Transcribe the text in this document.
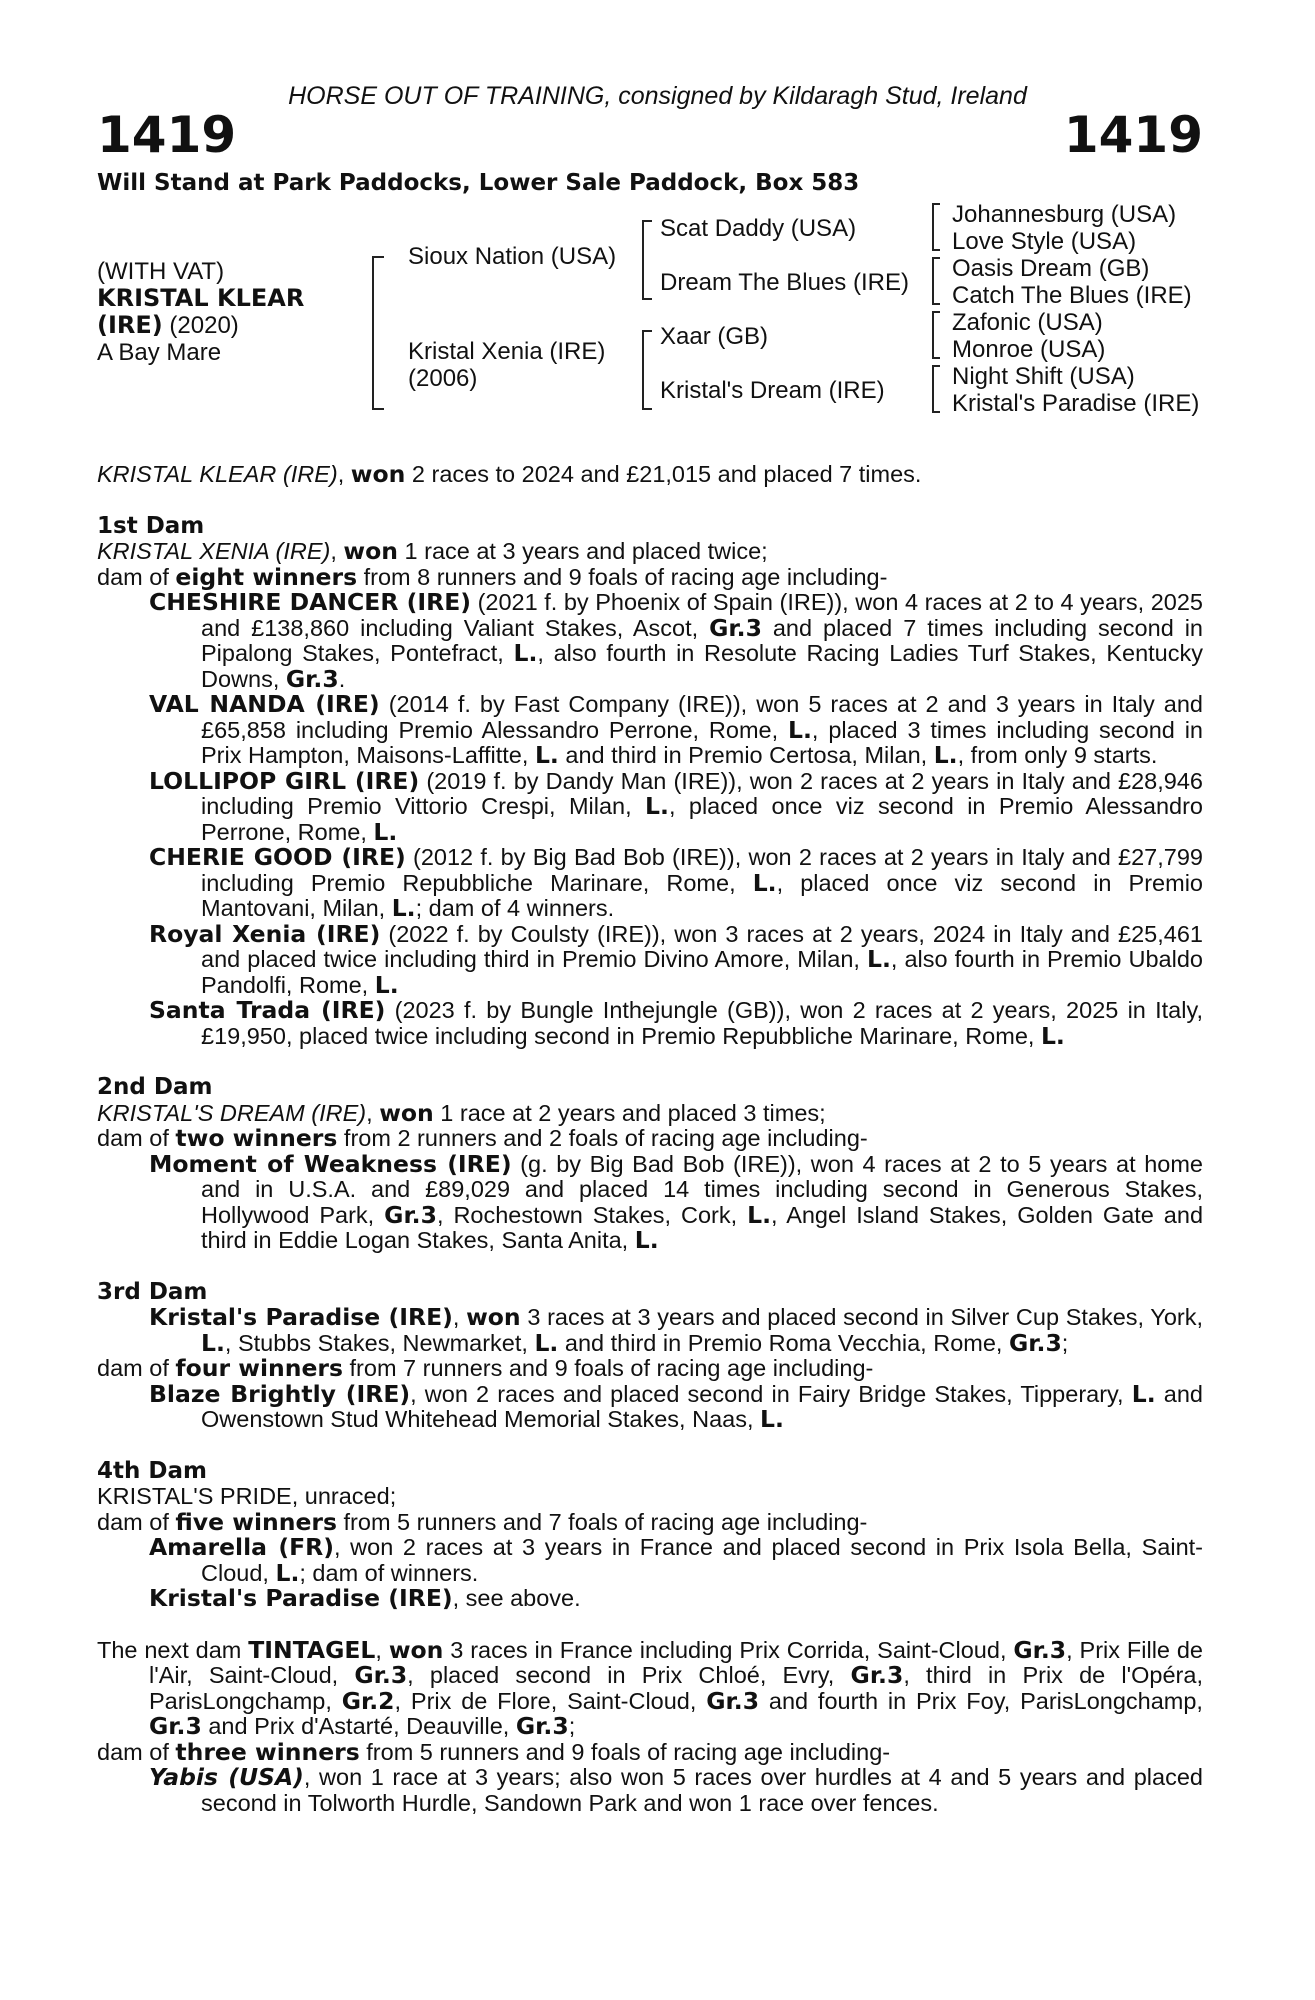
HORSE OUT OF TRAINING, consigned by Kildaragh Stud, Ireland
1419	1419
Will Stand at Park Paddocks, Lower Sale Paddock, Box 583
(WITH VAT)
KRISTAL KLEAR
(IRE) (2020)
A Bay Mare
Sioux Nation (USA)
Kristal Xenia (IRE)
(2006)
Scat Daddy (USA)
Dream The Blues (IRE)
Xaar (GB)
Kristal's Dream (IRE)
Johannesburg (USA)
Love Style (USA)
Oasis Dream (GB)
Catch The Blues (IRE)
Zafonic (USA)
Monroe (USA)
Night Shift (USA)
Kristal's Paradise (IRE)

KRISTAL KLEAR (IRE), won 2 races to 2024 and £21,015 and placed 7 times.

1st Dam

KRISTAL XENIA (IRE), won 1 race at 3 years and placed twice;

dam of eight winners from 8 runners and 9 foals of racing age including-

CHESHIRE DANCER (IRE) (2021 f. by Phoenix of Spain (IRE)), won 4 races at 2 to 4 years, 2025 and £138,860 including Valiant Stakes, Ascot, Gr.3 and placed 7 times including second in Pipalong Stakes, Pontefract, L., also fourth in Resolute Racing Ladies Turf Stakes, Kentucky Downs, Gr.3.

VAL NANDA (IRE) (2014 f. by Fast Company (IRE)), won 5 races at 2 and 3 years in Italy and £65,858 including Premio Alessandro Perrone, Rome, L., placed 3 times including second in Prix Hampton, Maisons-Laffitte, L. and third in Premio Certosa, Milan, L., from only 9 starts.

LOLLIPOP GIRL (IRE) (2019 f. by Dandy Man (IRE)), won 2 races at 2 years in Italy and £28,946 including Premio Vittorio Crespi, Milan, L., placed once viz second in Premio Alessandro Perrone, Rome, L.

CHERIE GOOD (IRE) (2012 f. by Big Bad Bob (IRE)), won 2 races at 2 years in Italy and £27,799 including Premio Repubbliche Marinare, Rome, L., placed once viz second in Premio Mantovani, Milan, L.; dam of 4 winners.

Royal Xenia (IRE) (2022 f. by Coulsty (IRE)), won 3 races at 2 years, 2024 in Italy and £25,461 and placed twice including third in Premio Divino Amore, Milan, L., also fourth in Premio Ubaldo Pandolfi, Rome, L.

Santa Trada (IRE) (2023 f. by Bungle Inthejungle (GB)), won 2 races at 2 years, 2025 in Italy, £19,950, placed twice including second in Premio Repubbliche Marinare, Rome, L.

2nd Dam

KRISTAL'S DREAM (IRE), won 1 race at 2 years and placed 3 times;

dam of two winners from 2 runners and 2 foals of racing age including-

Moment of Weakness (IRE) (g. by Big Bad Bob (IRE)), won 4 races at 2 to 5 years at home and in U.S.A. and £89,029 and placed 14 times including second in Generous Stakes, Hollywood Park, Gr.3, Rochestown Stakes, Cork, L., Angel Island Stakes, Golden Gate and third in Eddie Logan Stakes, Santa Anita, L.

3rd Dam

Kristal's Paradise (IRE), won 3 races at 3 years and placed second in Silver Cup Stakes, York, L., Stubbs Stakes, Newmarket, L. and third in Premio Roma Vecchia, Rome, Gr.3;

dam of four winners from 7 runners and 9 foals of racing age including-

Blaze Brightly (IRE), won 2 races and placed second in Fairy Bridge Stakes, Tipperary, L. and Owenstown Stud Whitehead Memorial Stakes, Naas, L.

4th Dam

KRISTAL'S PRIDE, unraced;

dam of five winners from 5 runners and 7 foals of racing age including-

Amarella (FR), won 2 races at 3 years in France and placed second in Prix Isola Bella, Saint-Cloud, L.; dam of winners.

Kristal's Paradise (IRE), see above.

The next dam TINTAGEL, won 3 races in France including Prix Corrida, Saint-Cloud, Gr.3, Prix Fille de l'Air, Saint-Cloud, Gr.3, placed second in Prix Chloé, Evry, Gr.3, third in Prix de l'Opéra, ParisLongchamp, Gr.2, Prix de Flore, Saint-Cloud, Gr.3 and fourth in Prix Foy, ParisLongchamp, Gr.3 and Prix d'Astarté, Deauville, Gr.3;

dam of three winners from 5 runners and 9 foals of racing age including-

Yabis (USA), won 1 race at 3 years; also won 5 races over hurdles at 4 and 5 years and placed second in Tolworth Hurdle, Sandown Park and won 1 race over fences.
